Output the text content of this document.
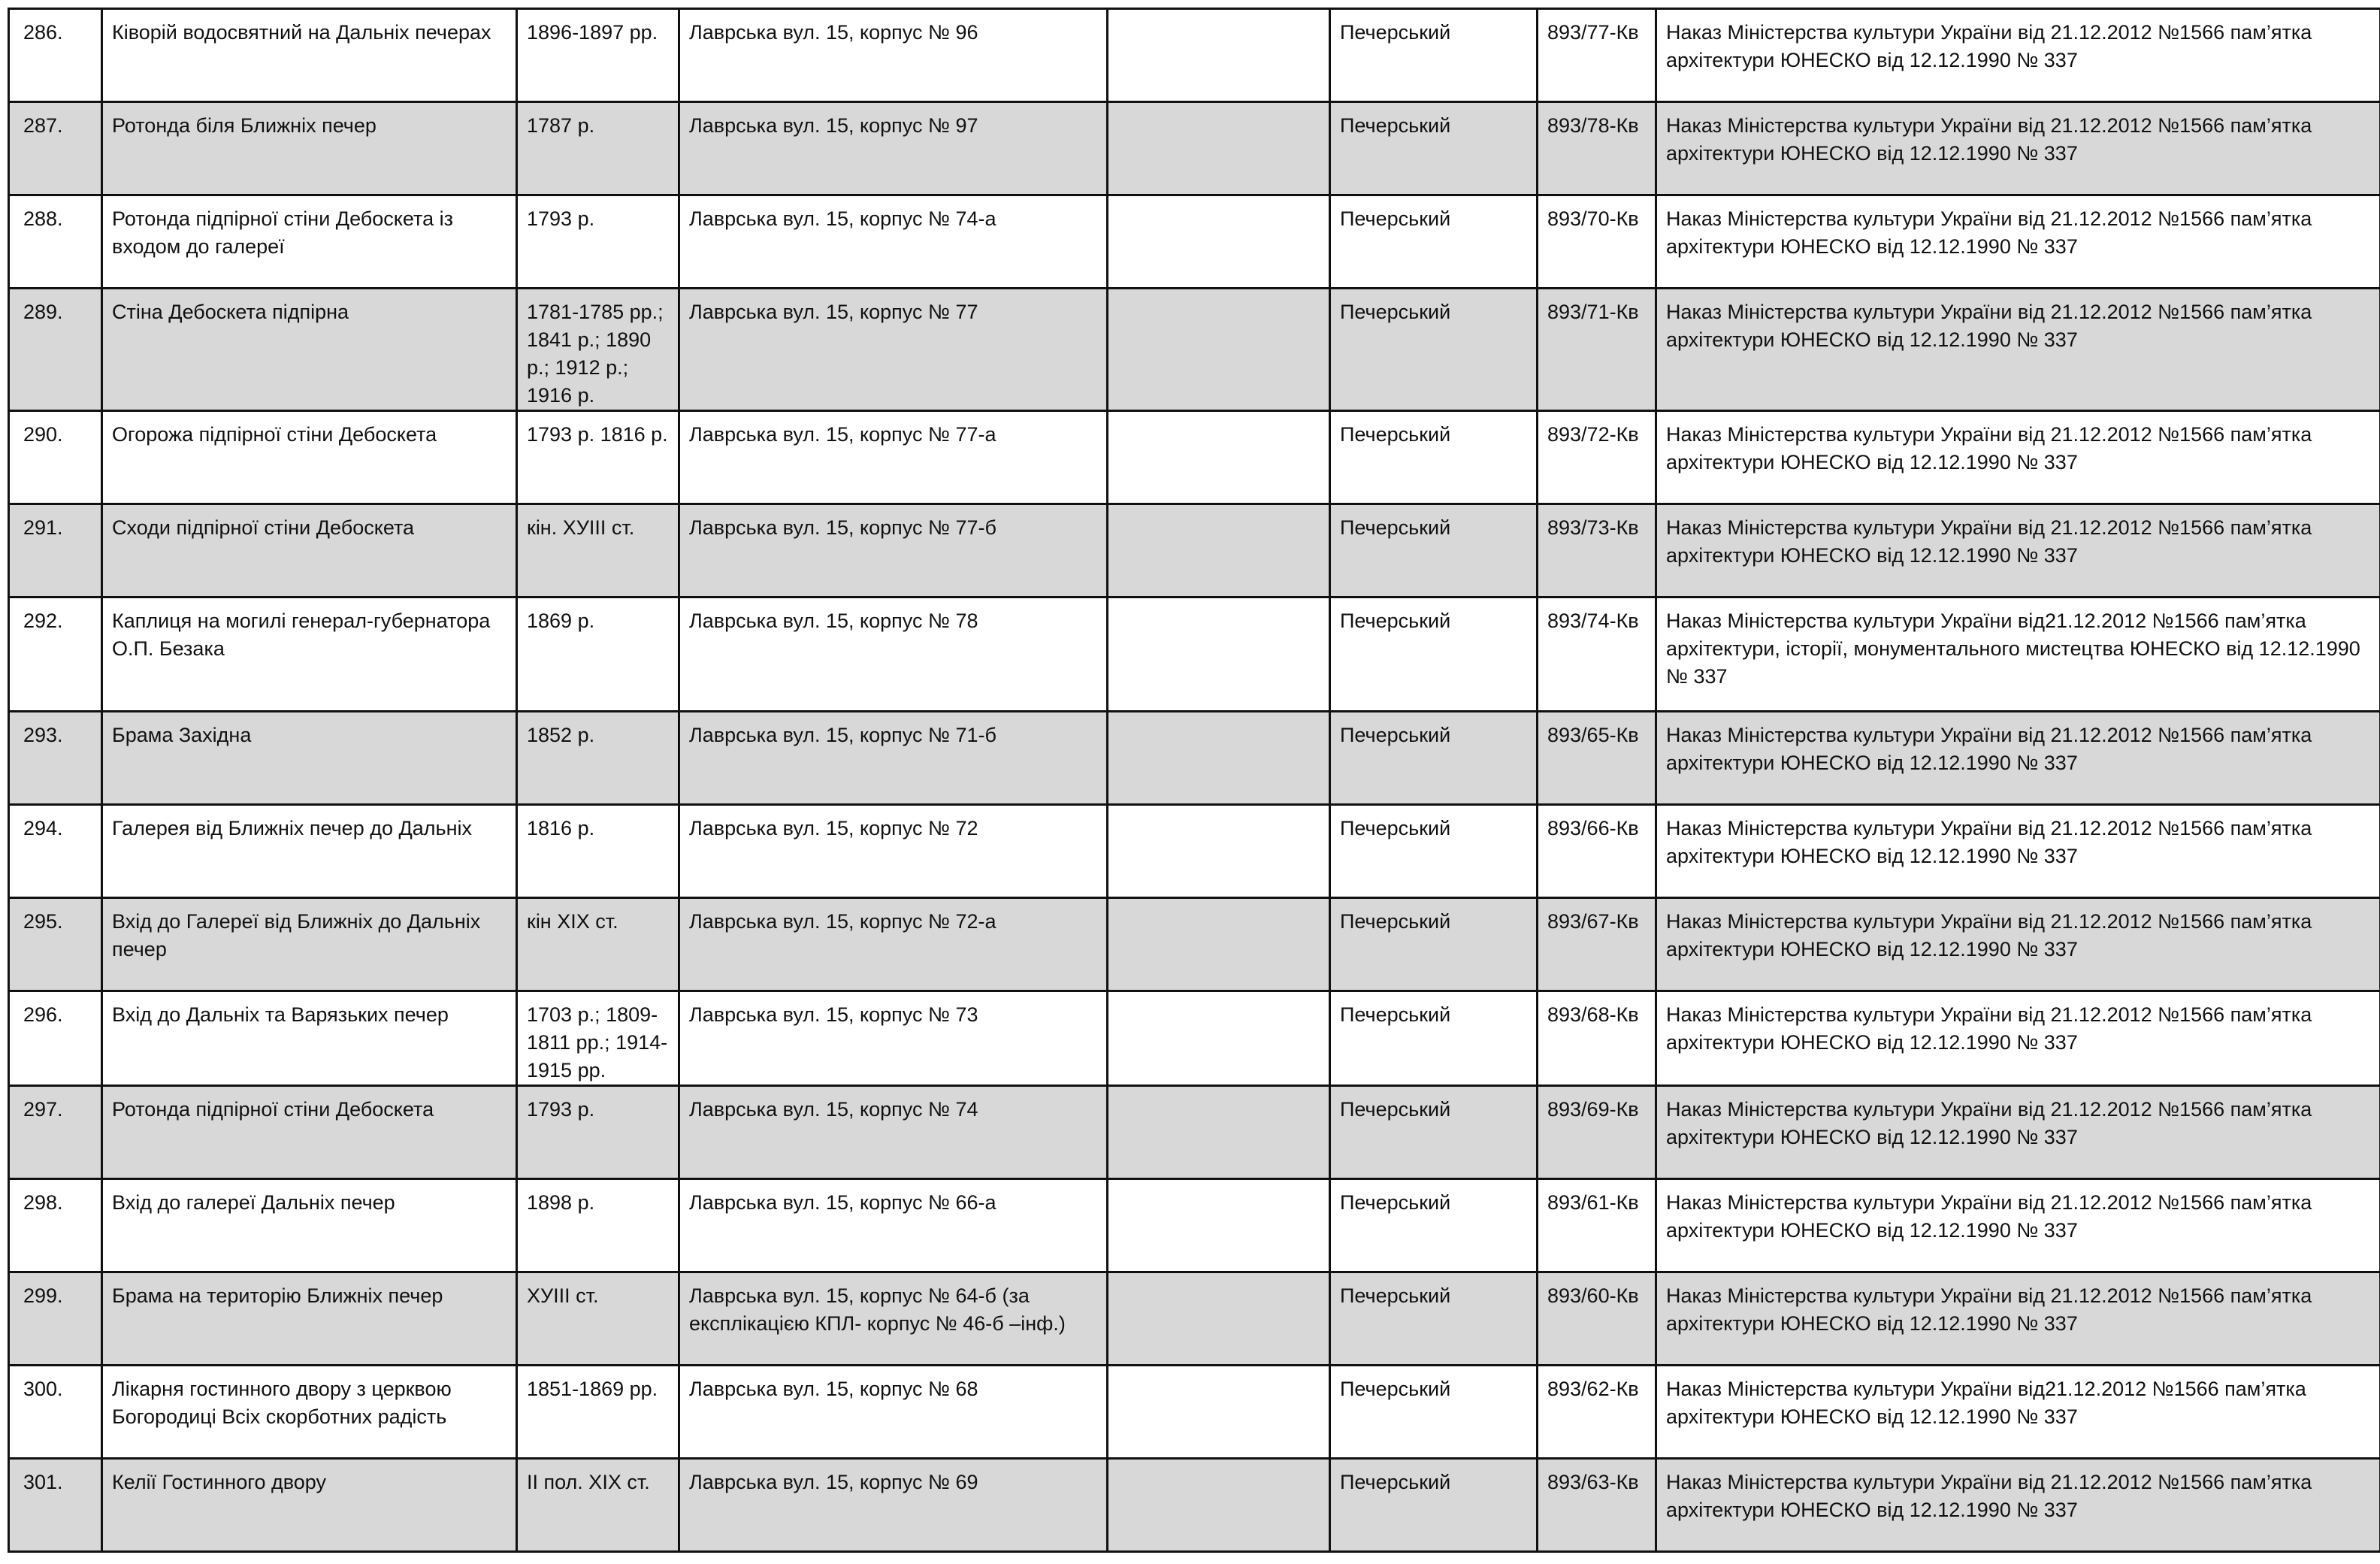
286.	Ківорій водосвятний на Дальніх печерах	1896-1897 рр.	Лаврська вул. 15, корпус № 96		Печерський	893/77-Кв	Наказ Міністерства культури України від 21.12.2012 №1566 пам’ятка архітектури ЮНЕСКО від 12.12.1990 № 337
287.	Ротонда біля Ближніх печер	1787 р.	Лаврська вул. 15, корпус № 97		Печерський	893/78-Кв	Наказ Міністерства культури України від 21.12.2012 №1566 пам’ятка архітектури ЮНЕСКО від 12.12.1990 № 337
288.	Ротонда підпірної стіни Дебоскета із входом до галереї	1793 р.	Лаврська вул. 15, корпус № 74-а		Печерський	893/70-Кв	Наказ Міністерства культури України від 21.12.2012 №1566 пам’ятка архітектури ЮНЕСКО від 12.12.1990 № 337
289.	Стіна Дебоскета підпірна	1781-1785 рр.; 1841 р.; 1890 р.; 1912 р.; 1916 р.	Лаврська вул. 15, корпус № 77		Печерський	893/71-Кв	Наказ Міністерства культури України від 21.12.2012 №1566 пам’ятка архітектури ЮНЕСКО від 12.12.1990 № 337
290.	Огорожа підпірної стіни Дебоскета	1793 р. 1816 р.	Лаврська вул. 15, корпус № 77-а		Печерський	893/72-Кв	Наказ Міністерства культури України від 21.12.2012 №1566 пам’ятка архітектури ЮНЕСКО від 12.12.1990 № 337
291.	Сходи підпірної стіни Дебоскета	кін. ХУІІІ ст.	Лаврська вул. 15, корпус № 77-б		Печерський	893/73-Кв	Наказ Міністерства культури України від 21.12.2012 №1566 пам’ятка архітектури ЮНЕСКО від 12.12.1990 № 337
292.	Каплиця на могилі генерал-губернатора О.П. Безака	1869 р.	Лаврська вул. 15, корпус № 78		Печерський	893/74-Кв	Наказ Міністерства культури України від21.12.2012 №1566 пам’ятка архітектури, історії, монументального мистецтва ЮНЕСКО від 12.12.1990 № 337
293.	Брама Західна	1852 р.	Лаврська вул. 15, корпус № 71-б		Печерський	893/65-Кв	Наказ Міністерства культури України від 21.12.2012 №1566 пам’ятка архітектури ЮНЕСКО від 12.12.1990 № 337
294.	Галерея від Ближніх печер до Дальніх	1816 р.	Лаврська вул. 15, корпус № 72		Печерський	893/66-Кв	Наказ Міністерства культури України від 21.12.2012 №1566 пам’ятка архітектури ЮНЕСКО від 12.12.1990 № 337
295.	Вхід до Галереї від Ближніх до Дальніх печер	кін ХІХ ст.	Лаврська вул. 15, корпус № 72-а		Печерський	893/67-Кв	Наказ Міністерства культури України від 21.12.2012 №1566 пам’ятка архітектури ЮНЕСКО від 12.12.1990 № 337
296.	Вхід до Дальніх та Варязьких печер	1703 р.; 1809-1811 рр.; 1914-1915 рр.	Лаврська вул. 15, корпус № 73		Печерський	893/68-Кв	Наказ Міністерства культури України від 21.12.2012 №1566 пам’ятка архітектури ЮНЕСКО від 12.12.1990 № 337
297.	Ротонда підпірної стіни Дебоскета	1793 р.	Лаврська вул. 15, корпус № 74		Печерський	893/69-Кв	Наказ Міністерства культури України від 21.12.2012 №1566 пам’ятка архітектури ЮНЕСКО від 12.12.1990 № 337
298.	Вхід до галереї Дальніх печер	1898 р.	Лаврська вул. 15, корпус № 66-а		Печерський	893/61-Кв	Наказ Міністерства культури України від 21.12.2012 №1566 пам’ятка архітектури ЮНЕСКО від 12.12.1990 № 337
299.	Брама на територію Ближніх печер	ХУІІІ ст.	Лаврська вул. 15, корпус № 64-б (за експлікацією КПЛ- корпус № 46-б –інф.)		Печерський	893/60-Кв	Наказ Міністерства культури України від 21.12.2012 №1566 пам’ятка архітектури ЮНЕСКО від 12.12.1990 № 337
300.	Лікарня гостинного двору з церквою Богородиці Всіх скорботних радість	1851-1869 рр.	Лаврська вул. 15, корпус № 68		Печерський	893/62-Кв	Наказ Міністерства культури України від21.12.2012 №1566 пам’ятка архітектури ЮНЕСКО від 12.12.1990 № 337
301.	Келії Гостинного двору	ІІ пол. ХІХ ст.	Лаврська вул. 15, корпус № 69		Печерський	893/63-Кв	Наказ Міністерства культури України від 21.12.2012 №1566 пам’ятка архітектури ЮНЕСКО від 12.12.1990 № 337
